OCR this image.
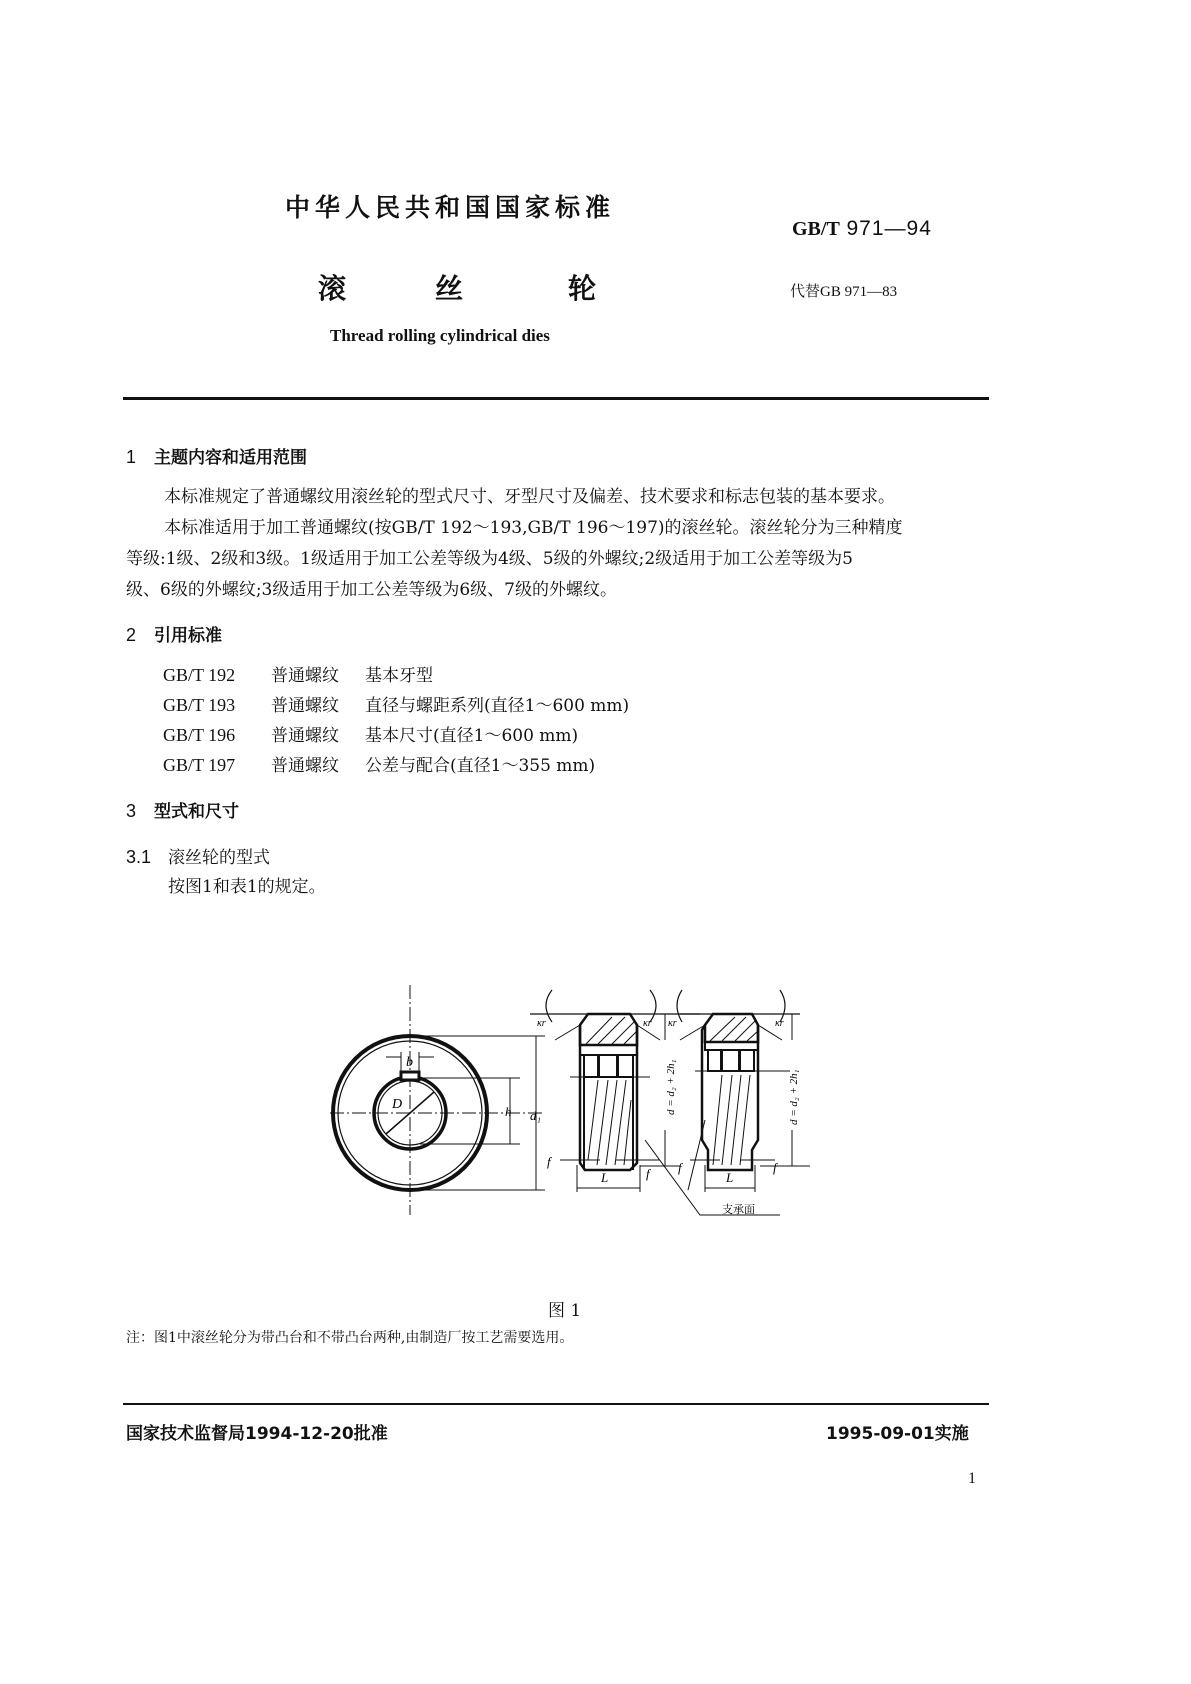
中华人民共和国国家标准
GB/T 971—94
滚	丝	轮	代替GB 971—83
Thread rolling cylindrical dies
1 主题内容和适用范围
本标准规定了普通螺纹用滚丝轮的型式尺寸、牙型尺寸及偏差、技术要求和标志包装的基本要求。
本标准适用于加工普通螺纹(按GB/T 192～193,GB/T 196～197)的滚丝轮。滚丝轮分为三种精度
等级:1级、2级和3级。1级适用于加工公差等级为4级、5级的外螺纹;2级适用于加工公差等级为5
级、6级的外螺纹;3级适用于加工公差等级为6级、7级的外螺纹。
2 引用标准
GB/T 192 普通螺纹 基本牙型
GB/T 193 普通螺纹 直径与螺距系列(直径1～600 mm)
GB/T 196 普通螺纹 基本尺寸(直径1～600 mm)
GB/T 197 普通螺纹 公差与配合(直径1～355 mm)
3 型式和尺寸
3.1 滚丝轮的型式
按图1和表1的规定。
b
D	h d₁
κr	κr
f
f
L
d = d₂ + 2h₁
κr	κr
f	f
L
d = d₂ + 2h₁
支承面
图 1
注：图1中滚丝轮分为带凸台和不带凸台两种,由制造厂按工艺需要选用。
国家技术监督局1994-12-20批准	1995-09-01实施
1
